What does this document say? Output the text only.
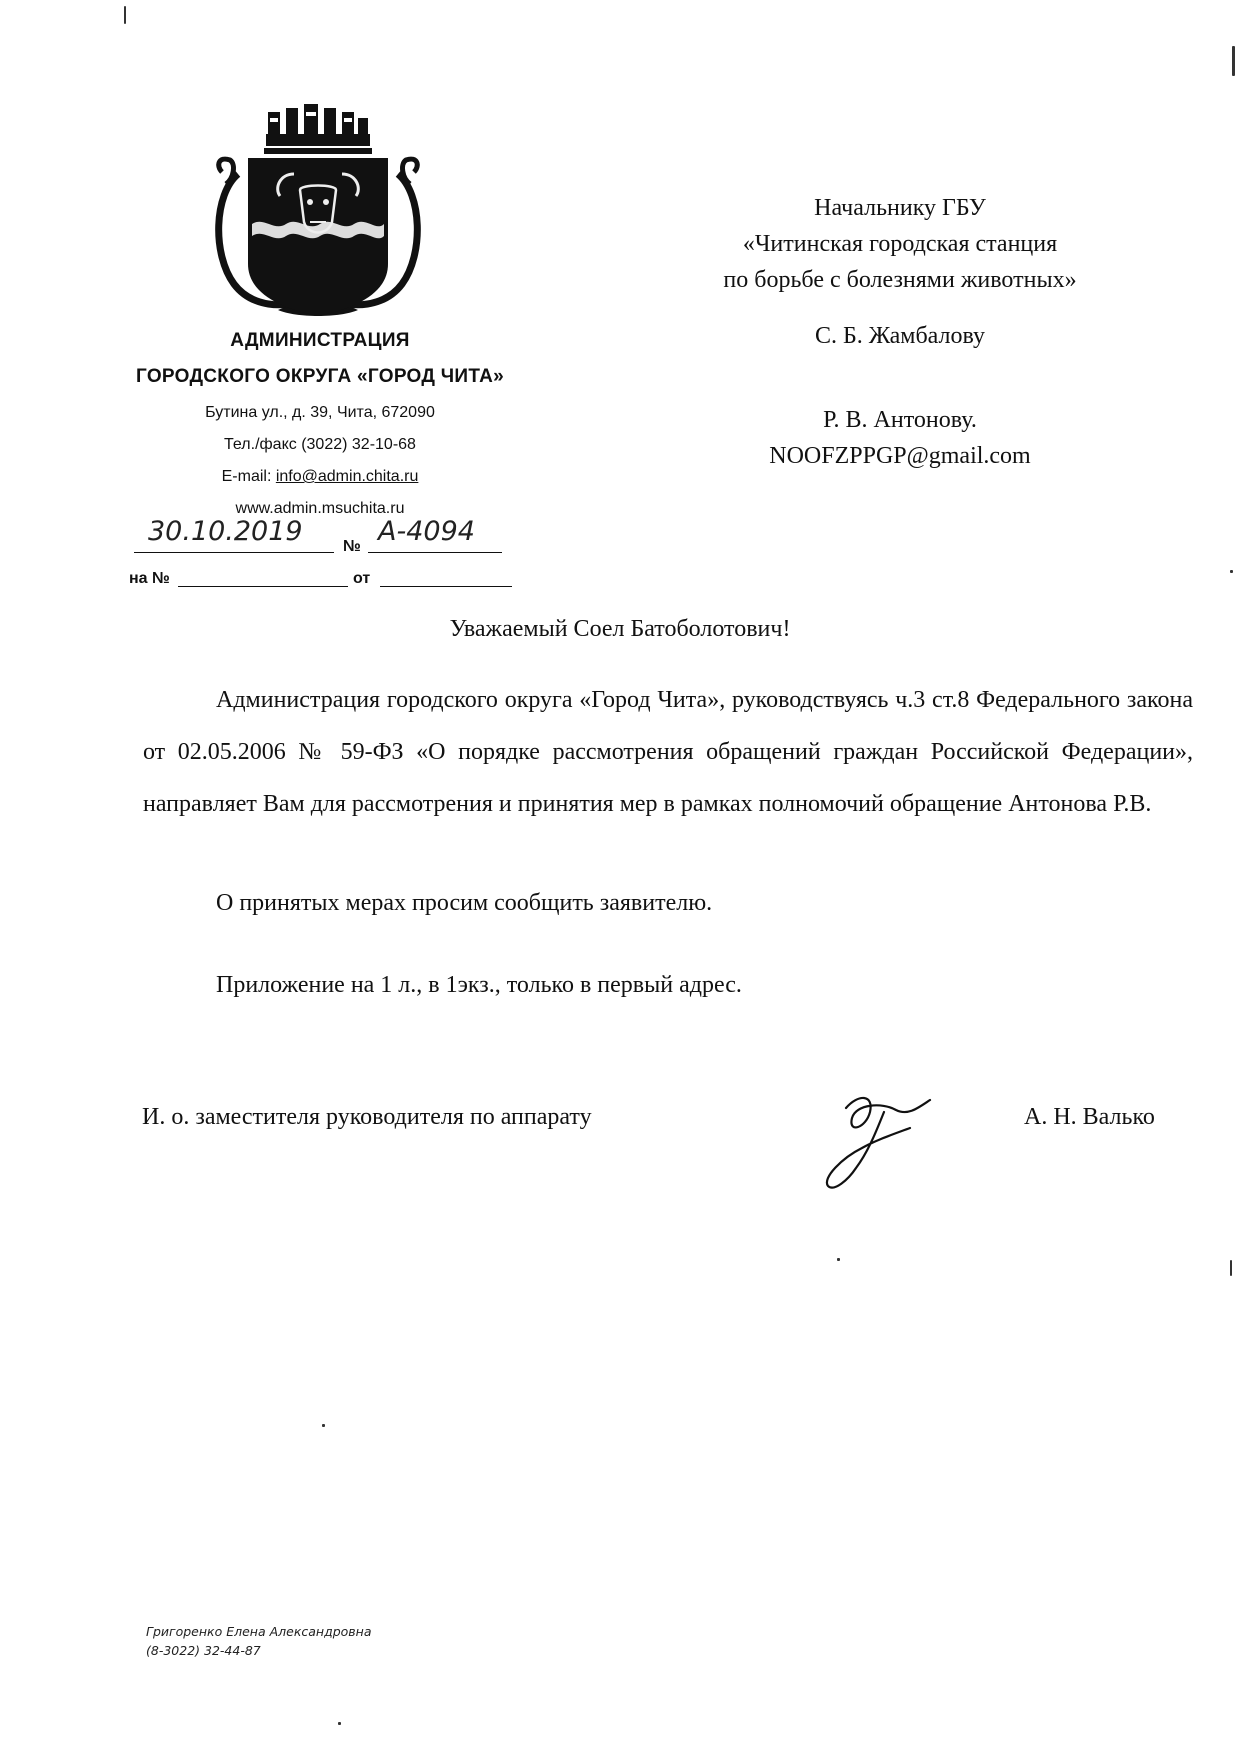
АДМИНИСТРАЦИЯ
ГОРОДСКОГО ОКРУГА «ГОРОД ЧИТА»
Бутина ул., д. 39, Чита, 672090
Тел./факс (3022) 32-10-68
E-mail: info@admin.chita.ru
www.admin.msuchita.ru
30.10.2019	№ А-4094
на №	от
Начальнику ГБУ
«Читинская городская станция
по борьбе с болезнями животных»
С. Б. Жамбалову
Р. В. Антонову.
NOOFZPPGP@gmail.com
Уважаемый Соел Батоболотович!
Администрация городского округа «Город Чита», руководствуясь ч.3 ст.8 Федерального закона от 02.05.2006 № 59-ФЗ «О порядке рассмотрения обращений граждан Российской Федерации», направляет Вам для рассмотрения и принятия мер в рамках полномочий обращение Антонова Р.В.
О принятых мерах просим сообщить заявителю.
Приложение на 1 л., в 1экз., только в первый адрес.
И. о. заместителя руководителя по аппарату	А. Н. Валько
Григоренко Елена Александровна
(8-3022) 32-44-87
